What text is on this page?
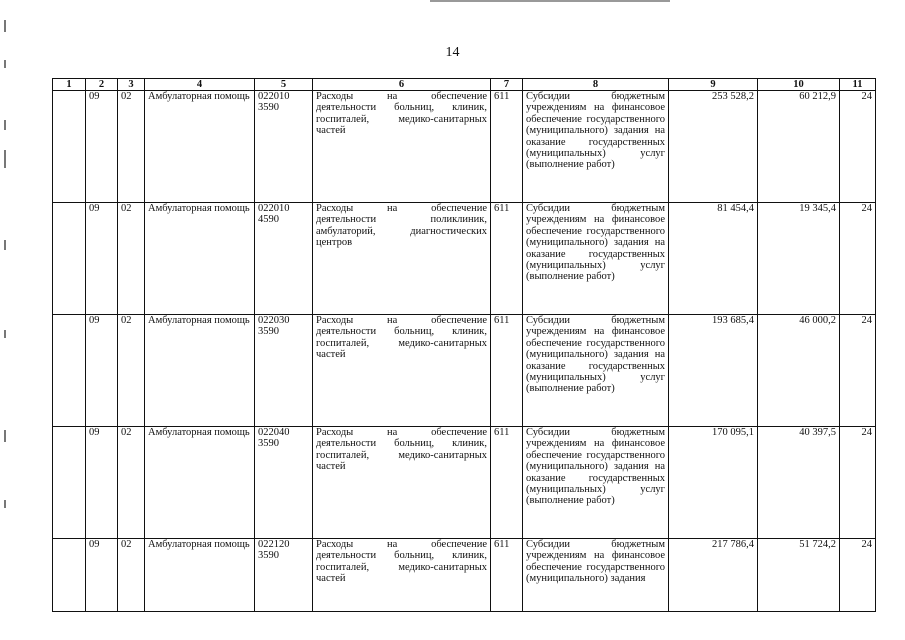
14
1	2	3	4	5	6	7	8	9	10	11
	09	02	Амбулаторная помощь	022010 3590	Расходы на обеспечение деятельности больниц, клиник, госпиталей, медико-санитарных частей	611	Субсидии бюджетным учреждениям на финансовое обеспечение государственного (муниципального) задания на оказание государственных (муниципальных) услуг (выполнение работ)	253 528,2	60 212,9	24
	09	02	Амбулаторная помощь	022010 4590	Расходы на обеспечение деятельности поликлиник, амбулаторий, диагностических центров	611	Субсидии бюджетным учреждениям на финансовое обеспечение государственного (муниципального) задания на оказание государственных (муниципальных) услуг (выполнение работ)	81 454,4	19 345,4	24
	09	02	Амбулаторная помощь	022030 3590	Расходы на обеспечение деятельности больниц, клиник, госпиталей, медико-санитарных частей	611	Субсидии бюджетным учреждениям на финансовое обеспечение государственного (муниципального) задания на оказание государственных (муниципальных) услуг (выполнение работ)	193 685,4	46 000,2	24
	09	02	Амбулаторная помощь	022040 3590	Расходы на обеспечение деятельности больниц, клиник, госпиталей, медико-санитарных частей	611	Субсидии бюджетным учреждениям на финансовое обеспечение государственного (муниципального) задания на оказание государственных (муниципальных) услуг (выполнение работ)	170 095,1	40 397,5	24
	09	02	Амбулаторная помощь	022120 3590	Расходы на обеспечение деятельности больниц, клиник, госпиталей, медико-санитарных частей	611	Субсидии бюджетным учреждениям на финансовое обеспечение государственного (муниципального) задания	217 786,4	51 724,2	24
